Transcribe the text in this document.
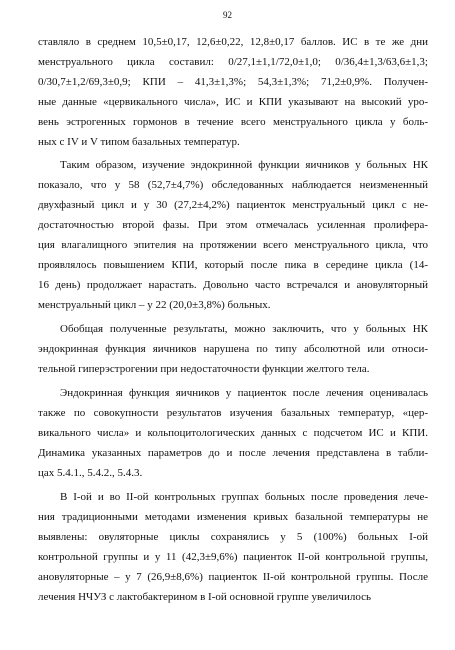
92
ставляло в среднем 10,5±0,17, 12,6±0,22, 12,8±0,17 баллов. ИС в те же дни
менструального цикла составил: 0/27,1±1,1/72,0±1,0; 0/36,4±1,3/63,6±1,3;
0/30,7±1,2/69,3±0,9; КПИ – 41,3±1,3%; 54,3±1,3%; 71,2±0,9%. Получен-
ные данные «цервикального числа», ИС и КПИ указывают на высокий уро-
вень эстрогенных гормонов в течение всего менструального цикла у боль-
ных с IV и V типом базальных температур.
Таким образом, изучение эндокринной функции яичников у больных НК
показало, что у 58 (52,7±4,7%) обследованных наблюдается неизмененный
двухфазный цикл и у 30 (27,2±4,2%) пациенток менструальный цикл с не-
достаточностью второй фазы. При этом отмечалась усиленная пролифера-
ция влагалищного эпителия на протяжении всего менструального цикла, что
проявлялось повышением КПИ, который после пика в середине цикла (14-
16 день) продолжает нарастать. Довольно часто встречался и ановуляторный
менструальный цикл – у 22 (20,0±3,8%) больных.
Обобщая полученные результаты, можно заключить, что у больных НК
эндокринная функция яичников нарушена по типу абсолютной или относи-
тельной гиперэстрогении при недостаточности функции желтого тела.
Эндокринная функция яичников у пациенток после лечения оценивалась
также по совокупности результатов изучения базальных температур, «цер-
викального числа» и кольпоцитологических данных с подсчетом ИС и КПИ.
Динамика указанных параметров до и после лечения представлена в табли-
цах 5.4.1., 5.4.2., 5.4.3.
В I-ой и во II-ой контрольных группах больных после проведения лече-
ния традиционными методами изменения кривых базальной температуры не
выявлены: овуляторные циклы сохранялись у 5 (100%) больных I-ой
контрольной группы и у 11 (42,3±9,6%) пациенток II-ой контрольной группы,
ановуляторные – у 7 (26,9±8,6%) пациенток II-ой контрольной группы. После
лечения НЧУЗ с лактобактерином в I-ой основной группе увеличилось
